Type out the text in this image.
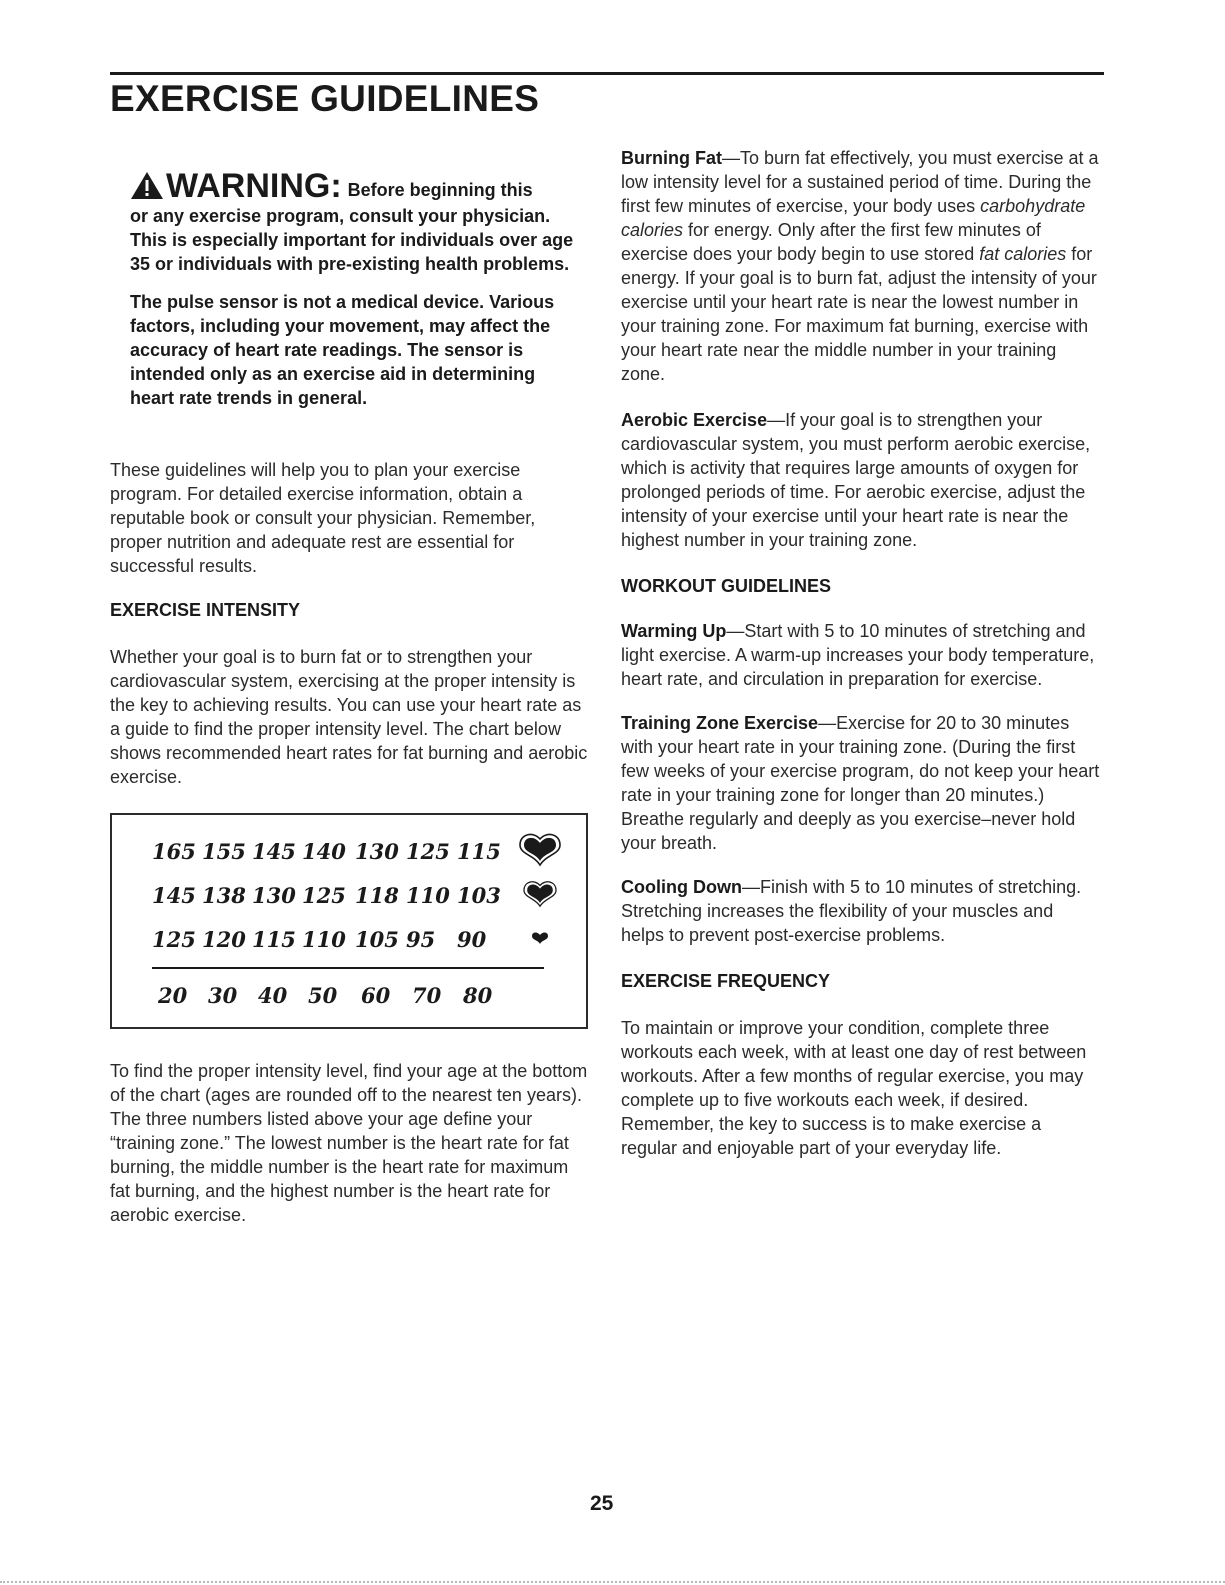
EXERCISE GUIDELINES
WARNING: Before beginning this

or any exercise program, consult your physician. This is especially important for individuals over age 35 or individuals with pre-existing health problems.

The pulse sensor is not a medical device. Various factors, including your movement, may affect the accuracy of heart rate readings. The sensor is intended only as an exercise aid in determining heart rate trends in general.

These guidelines will help you to plan your exercise program. For detailed exercise information, obtain a reputable book or consult your physician. Remember, proper nutrition and adequate rest are essential for successful results.

EXERCISE INTENSITY

Whether your goal is to burn fat or to strengthen your cardiovascular system, exercising at the proper intensity is the key to achieving results. You can use your heart rate as a guide to find the proper intensity level. The chart below shows recommended heart rates for fat burning and aerobic exercise.

165 155 145 140 130 125 115
145 138 130 125 118 110 103
125 120 115 110 105 95 90
20 30 40 50 60 70 80

To find the proper intensity level, find your age at the bottom of the chart (ages are rounded off to the nearest ten years). The three numbers listed above your age define your “training zone.” The lowest number is the heart rate for fat burning, the middle number is the heart rate for maximum fat burning, and the highest number is the heart rate for aerobic exercise.

Burning Fat—To burn fat effectively, you must exercise at a low intensity level for a sustained period of time. During the first few minutes of exercise, your body uses carbohydrate calories for energy. Only after the first few minutes of exercise does your body begin to use stored fat calories for energy. If your goal is to burn fat, adjust the intensity of your exercise until your heart rate is near the lowest number in your training zone. For maximum fat burning, exercise with your heart rate near the middle number in your training zone.

Aerobic Exercise—If your goal is to strengthen your cardiovascular system, you must perform aerobic exercise, which is activity that requires large amounts of oxygen for prolonged periods of time. For aerobic exercise, adjust the intensity of your exercise until your heart rate is near the highest number in your training zone.

WORKOUT GUIDELINES

Warming Up—Start with 5 to 10 minutes of stretching and light exercise. A warm-up increases your body temperature, heart rate, and circulation in preparation for exercise.

Training Zone Exercise—Exercise for 20 to 30 minutes with your heart rate in your training zone. (During the first few weeks of your exercise program, do not keep your heart rate in your training zone for longer than 20 minutes.) Breathe regularly and deeply as you exercise–never hold your breath.

Cooling Down—Finish with 5 to 10 minutes of stretching. Stretching increases the flexibility of your muscles and helps to prevent post-exercise problems.

EXERCISE FREQUENCY

To maintain or improve your condition, complete three workouts each week, with at least one day of rest between workouts. After a few months of regular exercise, you may complete up to five workouts each week, if desired. Remember, the key to success is to make exercise a regular and enjoyable part of your everyday life.

25
